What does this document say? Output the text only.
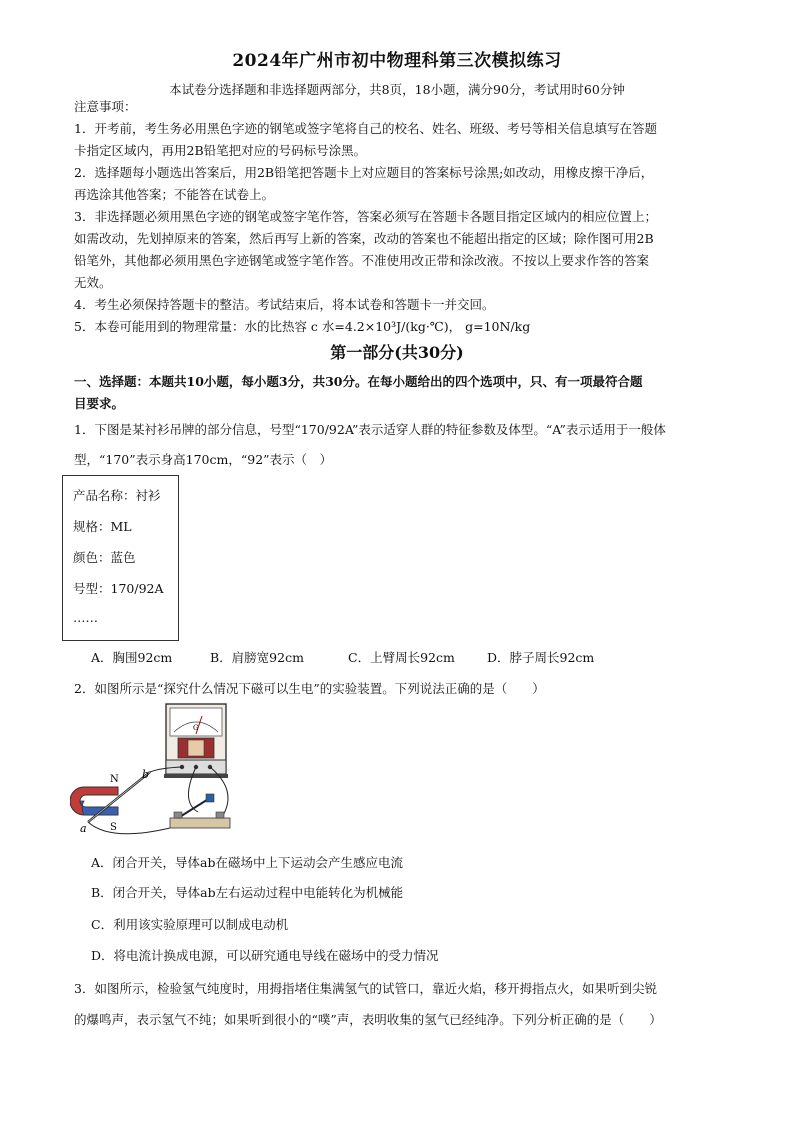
2024年广州市初中物理科第三次模拟练习
本试卷分选择题和非选择题两部分，共8页，18小题，满分90分，考试用时60分钟
注意事项：
1．开考前，考生务必用黑色字迹的钢笔或签字笔将自己的校名、姓名、班级、考号等相关信息填写在答题
卡指定区域内，再用2B铅笔把对应的号码标号涂黑。
2．选择题每小题选出答案后，用2B铅笔把答题卡上对应题目的答案标号涂黑;如改动，用橡皮擦干净后，
再选涂其他答案；不能答在试卷上。
3．非选择题必须用黑色字迹的钢笔或签字笔作答，答案必须写在答题卡各题目指定区域内的相应位置上；
如需改动，先划掉原来的答案，然后再写上新的答案，改动的答案也不能超出指定的区域；除作图可用2B
铅笔外，其他都必须用黑色字迹钢笔或签字笔作答。不准使用改正带和涂改液。不按以上要求作答的答案
无效。
4．考生必须保持答题卡的整洁。考试结束后，将本试卷和答题卡一并交回。
5．本卷可能用到的物理常量：水的比热容 c 水=4.2×10³J/(kg·℃)， g=10N/kg
第一部分(共30分)
一、选择题：本题共10小题，每小题3分，共30分。在每小题给出的四个选项中，只、有一项最符合题
目要求。
1．下图是某衬衫吊牌的部分信息，号型“170/92A”表示适穿人群的特征参数及体型。“A”表示适用于一般体
型，“170”表示身高170cm，“92”表示（　）
产品名称：衬衫
规格：ML
颜色：蓝色
号型：170/92A
……
A．胸围92cm	B．肩膀宽92cm	C．上臂周长92cm	D．脖子周长92cm
2．如图所示是“探究什么情况下磁可以生电”的实验装置。下列说法正确的是（　　）
G
N
S
a
b
A．闭合开关，导体ab在磁场中上下运动会产生感应电流
B．闭合开关，导体ab左右运动过程中电能转化为机械能
C．利用该实验原理可以制成电动机
D．将电流计换成电源，可以研究通电导线在磁场中的受力情况
3．如图所示，检验氢气纯度时，用拇指堵住集满氢气的试管口，靠近火焰，移开拇指点火，如果听到尖锐
的爆鸣声，表示氢气不纯；如果听到很小的“噗”声，表明收集的氢气已经纯净。下列分析正确的是（　　）
